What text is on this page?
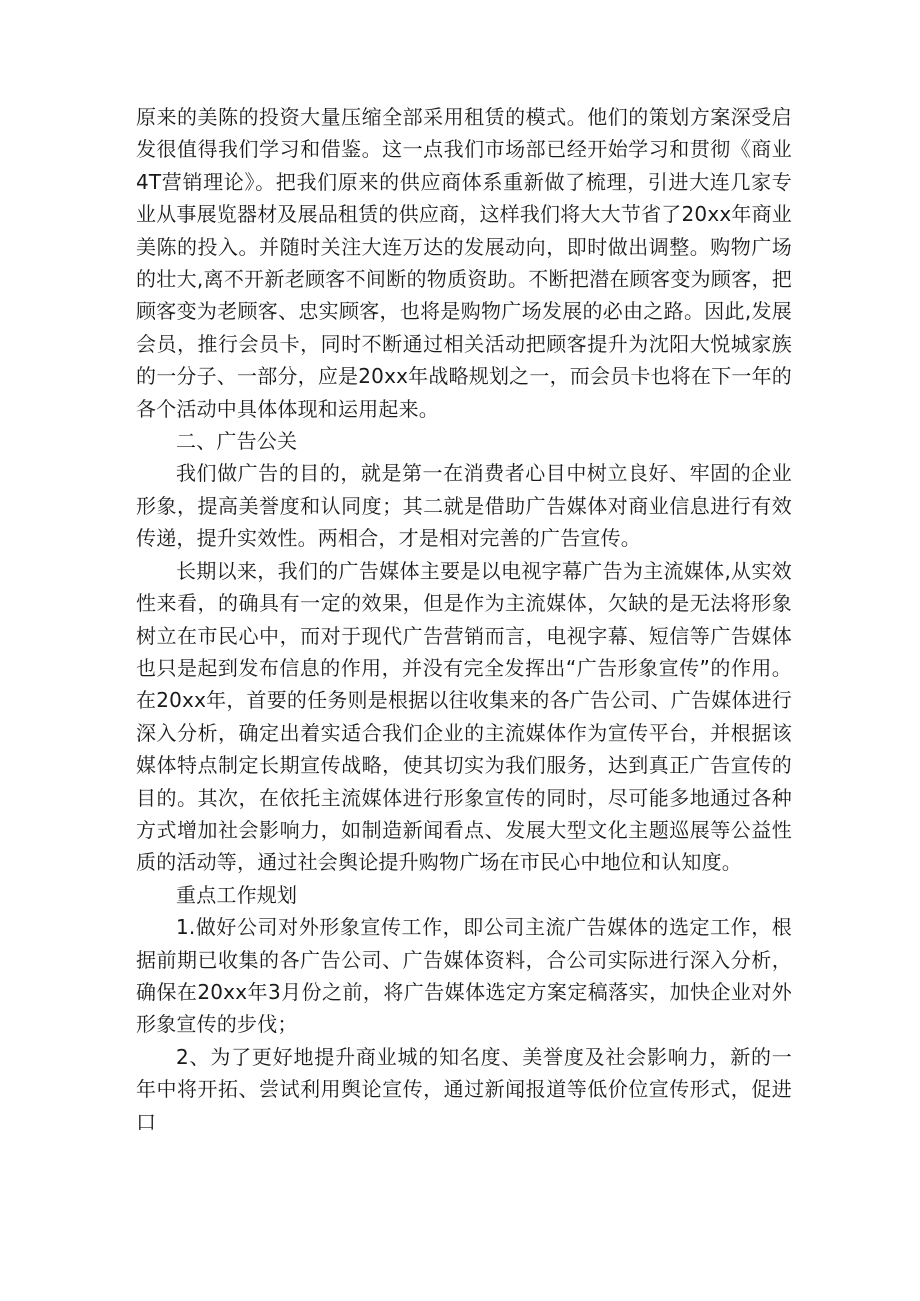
原来的美陈的投资大量压缩全部采用租赁的模式。他们的策划方案深受启发很值得我们学习和借鉴。这一点我们市场部已经开始学习和贯彻《商业4T营销理论》。把我们原来的供应商体系重新做了梳理，引进大连几家专业从事展览器材及展品租赁的供应商，这样我们将大大节省了20xx年商业美陈的投入。并随时关注大连万达的发展动向，即时做出调整。购物广场的壮大,离不开新老顾客不间断的物质资助。不断把潜在顾客变为顾客，把顾客变为老顾客、忠实顾客，也将是购物广场发展的必由之路。因此,发展会员，推行会员卡，同时不断通过相关活动把顾客提升为沈阳大悦城家族的一分子、一部分，应是20xx年战略规划之一，而会员卡也将在下一年的各个活动中具体体现和运用起来。

二、广告公关

我们做广告的目的，就是第一在消费者心目中树立良好、牢固的企业形象，提高美誉度和认同度；其二就是借助广告媒体对商业信息进行有效传递，提升实效性。两相合，才是相对完善的广告宣传。

长期以来，我们的广告媒体主要是以电视字幕广告为主流媒体,从实效性来看，的确具有一定的效果，但是作为主流媒体，欠缺的是无法将形象树立在市民心中，而对于现代广告营销而言，电视字幕、短信等广告媒体也只是起到发布信息的作用，并没有完全发挥出“广告形象宣传”的作用。在20xx年，首要的任务则是根据以往收集来的各广告公司、广告媒体进行深入分析，确定出着实适合我们企业的主流媒体作为宣传平台，并根据该媒体特点制定长期宣传战略，使其切实为我们服务，达到真正广告宣传的目的。其次，在依托主流媒体进行形象宣传的同时，尽可能多地通过各种方式增加社会影响力，如制造新闻看点、发展大型文化主题巡展等公益性质的活动等，通过社会舆论提升购物广场在市民心中地位和认知度。

重点工作规划

1.做好公司对外形象宣传工作，即公司主流广告媒体的选定工作，根据前期已收集的各广告公司、广告媒体资料，合公司实际进行深入分析，确保在20xx年3月份之前，将广告媒体选定方案定稿落实，加快企业对外形象宣传的步伐；

2、为了更好地提升商业城的知名度、美誉度及社会影响力，新的一年中将开拓、尝试利用舆论宣传，通过新闻报道等低价位宣传形式，促进口
